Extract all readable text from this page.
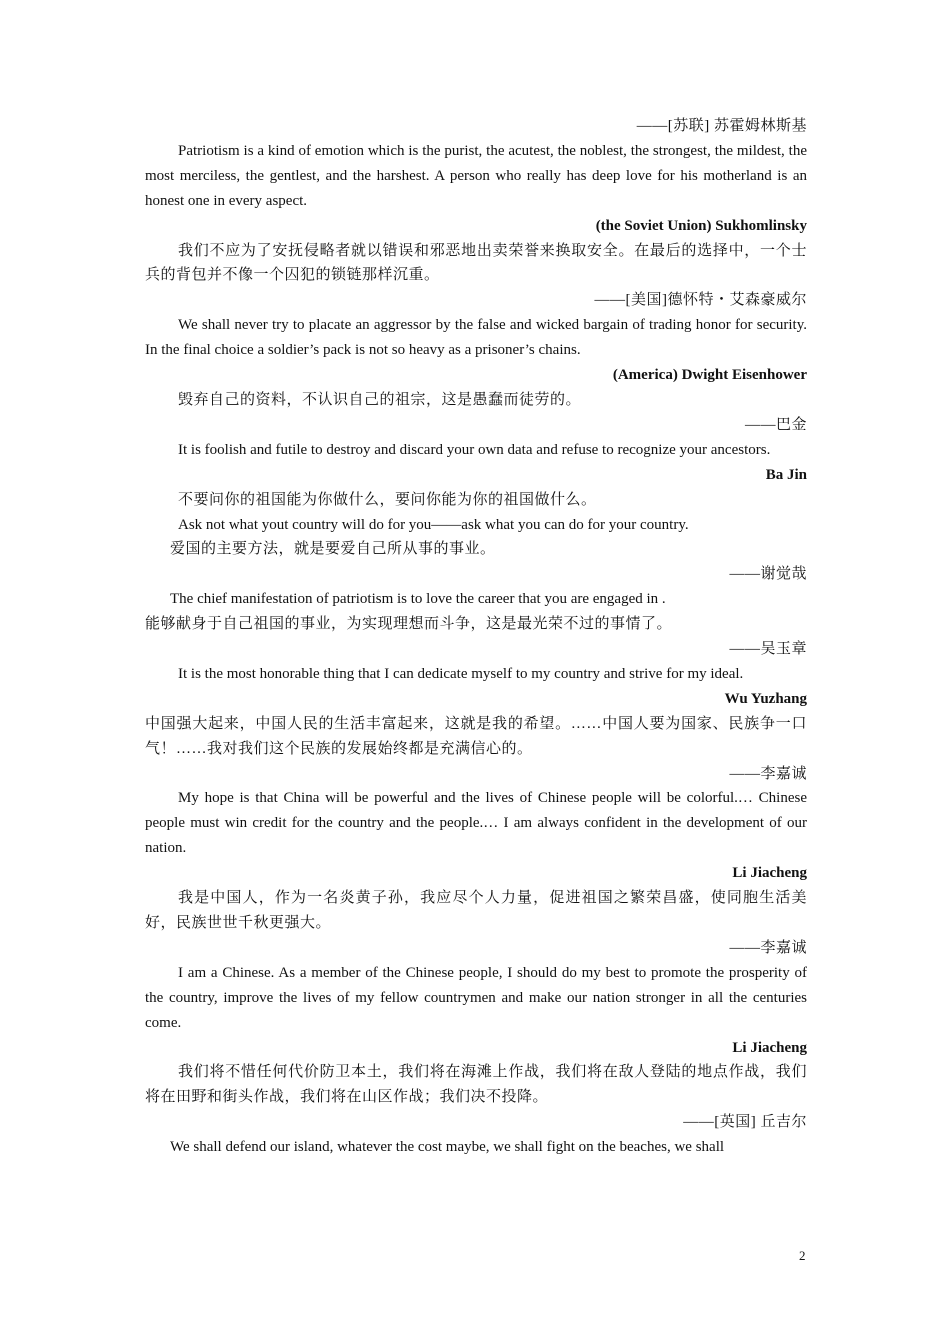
——[苏联] 苏霍姆林斯基

Patriotism is a kind of emotion which is the purist, the acutest, the noblest, the strongest, the mildest, the most merciless, the gentlest, and the harshest. A person who really has deep love for his motherland is an honest one in every aspect.

(the Soviet Union) Sukhomlinsky

我们不应为了安抚侵略者就以错误和邪恶地出卖荣誉来换取安全。在最后的选择中，一个士兵的背包并不像一个囚犯的锁链那样沉重。

——[美国]德怀特・艾森豪威尔

We shall never try to placate an aggressor by the false and wicked bargain of trading honor for security. In the final choice a soldier’s pack is not so heavy as a prisoner’s chains.

(America) Dwight Eisenhower

毁弃自己的资料，不认识自己的祖宗，这是愚蠢而徒劳的。

——巴金

It is foolish and futile to destroy and discard your own data and refuse to recognize your ancestors.

Ba Jin

不要问你的祖国能为你做什么，要问你能为你的祖国做什么。

Ask not what yout country will do for you——ask what you can do for your country.

爱国的主要方法，就是要爱自己所从事的事业。

——谢觉哉

The chief manifestation of patriotism is to love the career that you are engaged in .

能够献身于自己祖国的事业，为实现理想而斗争，这是最光荣不过的事情了。

——吴玉章

It is the most honorable thing that I can dedicate myself to my country and strive for my ideal.

Wu Yuzhang

中国强大起来，中国人民的生活丰富起来，这就是我的希望。……中国人要为国家、民族争一口气！……我对我们这个民族的发展始终都是充满信心的。

——李嘉诚

My hope is that China will be powerful and the lives of Chinese people will be colorful.… Chinese people must win credit for the country and the people.… I am always confident in the development of our nation.

Li Jiacheng

我是中国人，作为一名炎黄子孙，我应尽个人力量，促进祖国之繁荣昌盛，使同胞生活美好，民族世世千秋更强大。

——李嘉诚

I am a Chinese. As a member of the Chinese people, I should do my best to promote the prosperity of the country, improve the lives of my fellow countrymen and make our nation stronger in all the centuries come.

Li Jiacheng

我们将不惜任何代价防卫本土，我们将在海滩上作战，我们将在敌人登陆的地点作战，我们将在田野和街头作战，我们将在山区作战；我们决不投降。

——[英国] 丘吉尔

We shall defend our island, whatever the cost maybe, we shall fight on the beaches, we shall

2
